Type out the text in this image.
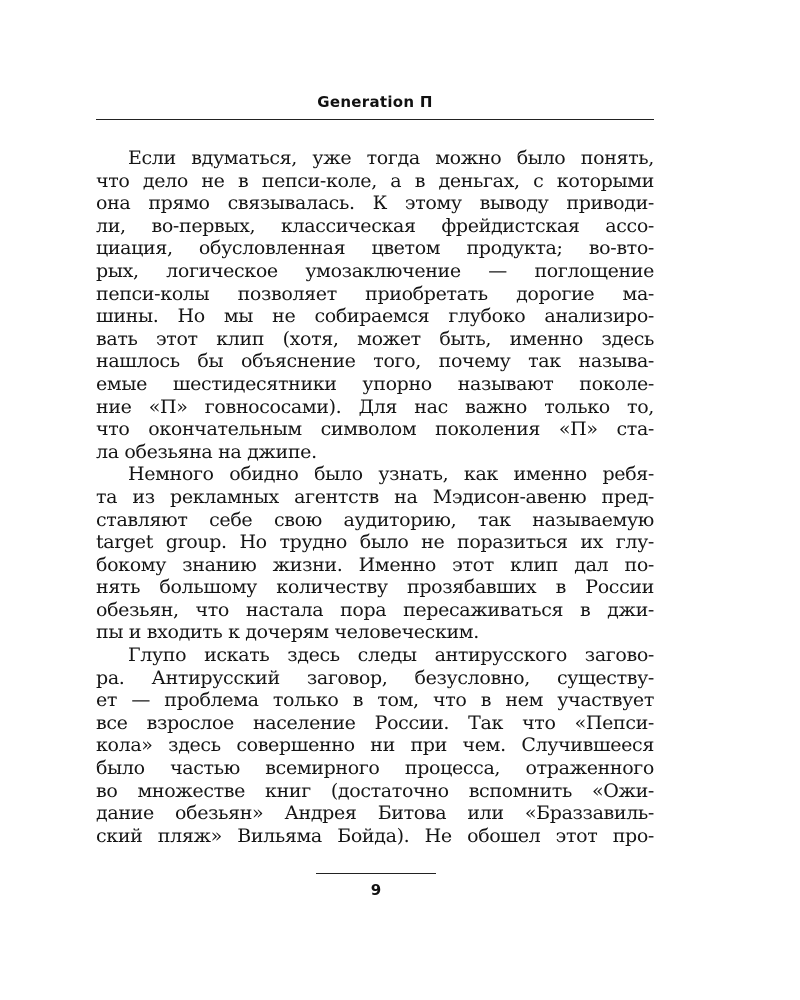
Generation П
Если вдуматься, уже тогда можно было понять,
что дело не в пепси-коле, а в деньгах, с которыми
она прямо связывалась. К этому выводу приводи-
ли, во-первых, классическая фрейдистская ассо-
циация, обусловленная цветом продукта; во-вто-
рых, логическое умозаключение — поглощение
пепси-колы позволяет приобретать дорогие ма-
шины. Но мы не собираемся глубоко анализиро-
вать этот клип (хотя, может быть, именно здесь
нашлось бы объяснение того, почему так называ-
емые шестидесятники упорно называют поколе-
ние «П» говнососами). Для нас важно только то,
что окончательным символом поколения «П» ста-
ла обезьяна на джипе.
Немного обидно было узнать, как именно ребя-
та из рекламных агентств на Мэдисон-авеню пред-
ставляют себе свою аудиторию, так называемую
target group. Но трудно было не поразиться их глу-
бокому знанию жизни. Именно этот клип дал по-
нять большому количеству прозябавших в России
обезьян, что настала пора пересаживаться в джи-
пы и входить к дочерям человеческим.
Глупо искать здесь следы антирусского загово-
ра. Антирусский заговор, безусловно, существу-
ет — проблема только в том, что в нем участвует
все взрослое население России. Так что «Пепси-
кола» здесь совершенно ни при чем. Случившееся
было частью всемирного процесса, отраженного
во множестве книг (достаточно вспомнить «Ожи-
дание обезьян» Андрея Битова или «Браззавиль-
ский пляж» Вильяма Бойда). Не обошел этот про-
9
